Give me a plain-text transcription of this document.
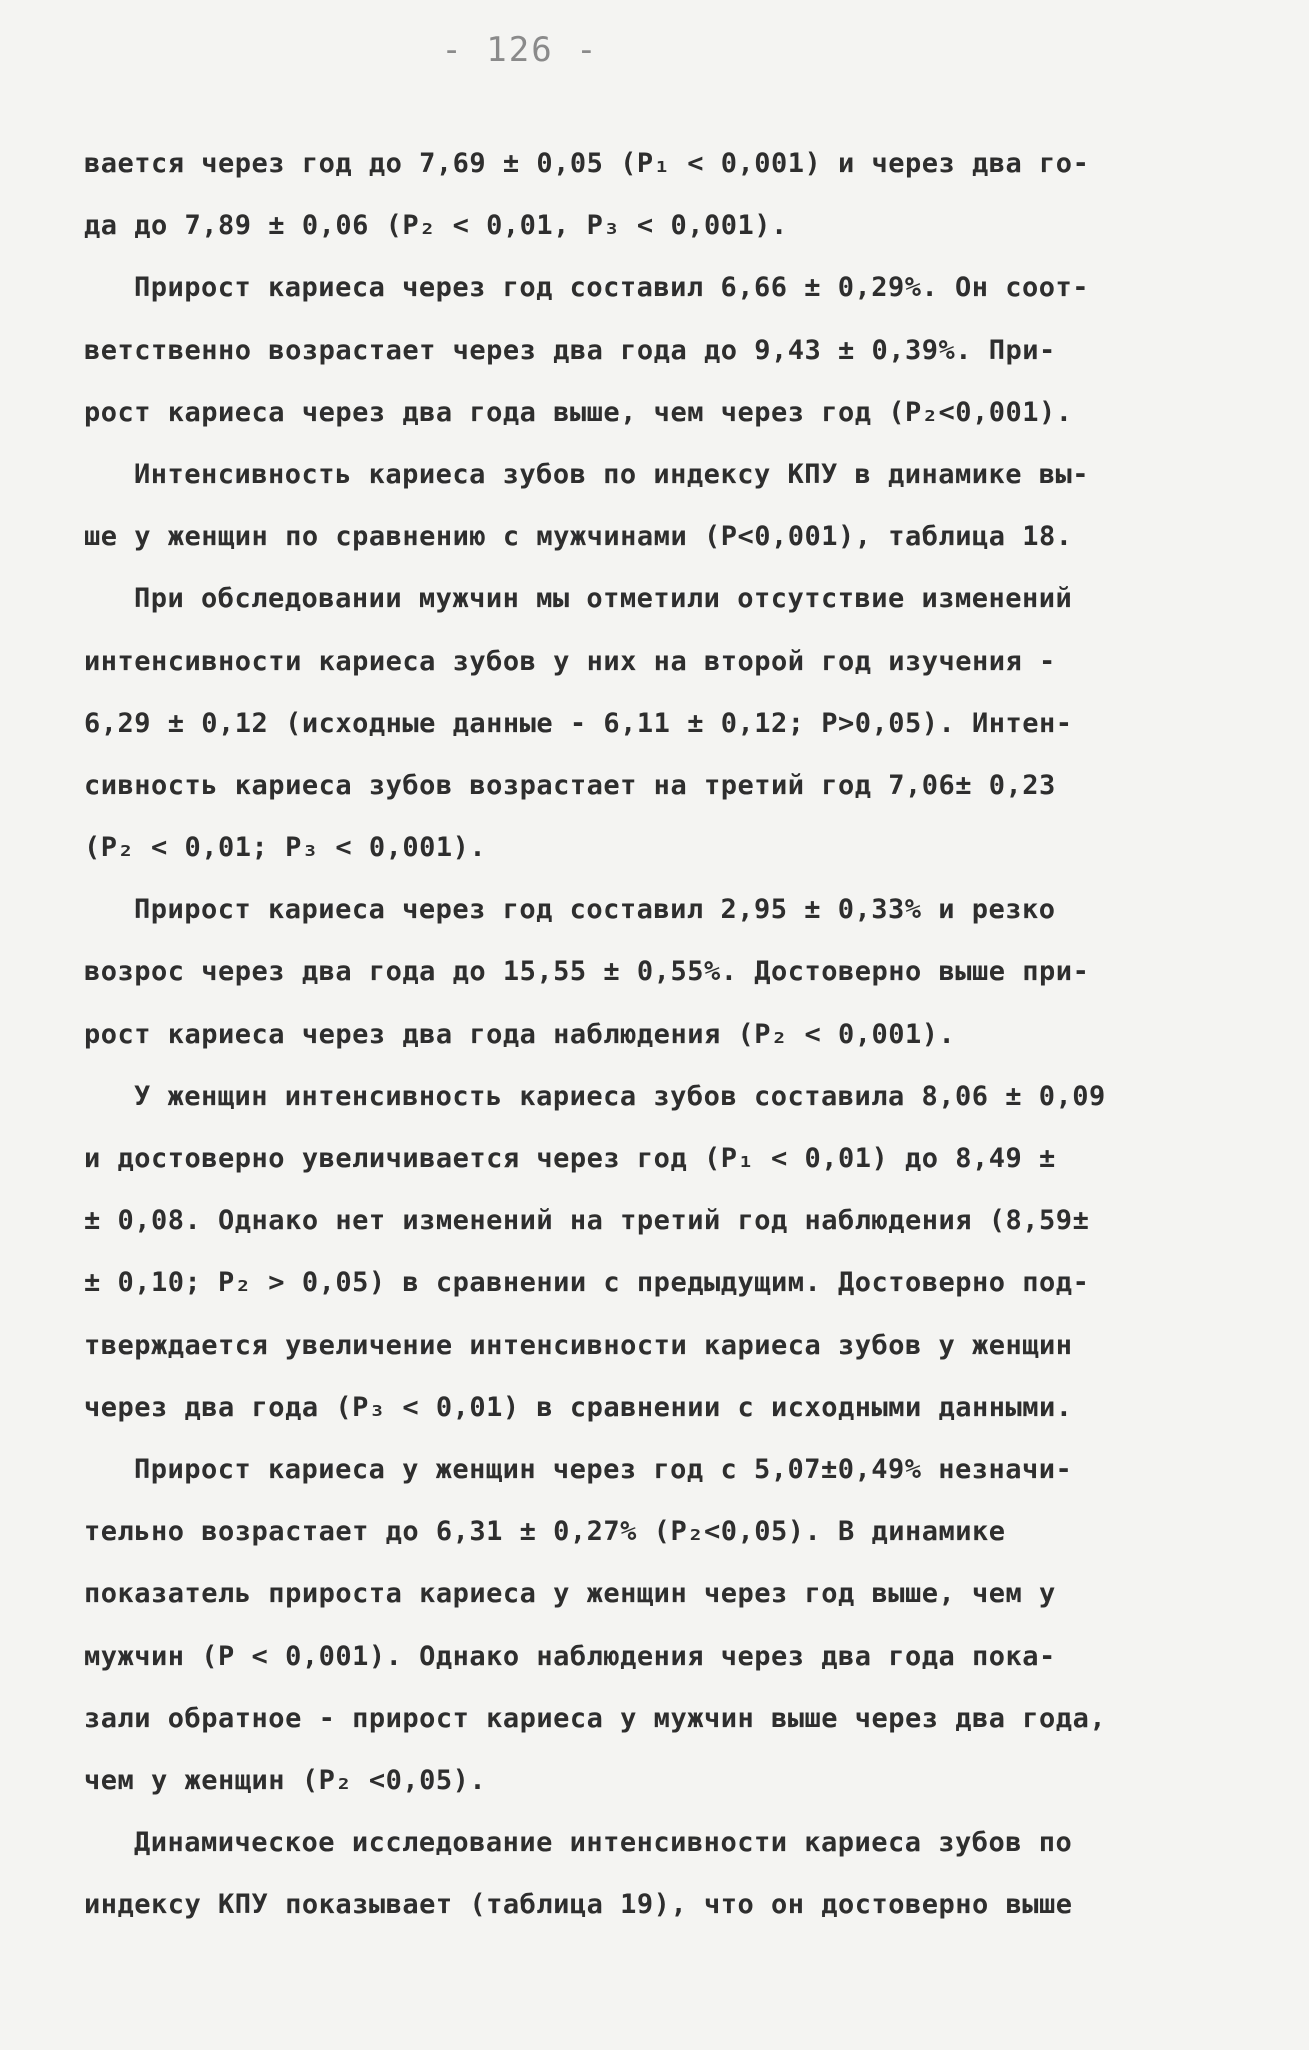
- 126 -
вается через год до 7,69 ± 0,05 (P₁ < 0,001) и через два го-
да до 7,89 ± 0,06 (P₂ < 0,01, P₃ < 0,001).
Прирост кариеса через год составил 6,66 ± 0,29%. Он соот-
ветственно возрастает через два года до 9,43 ± 0,39%. При-
рост кариеса через два года выше, чем через год (P₂<0,001).
Интенсивность кариеса зубов по индексу КПУ в динамике вы-
ше у женщин по сравнению с мужчинами (P<0,001), таблица 18.
При обследовании мужчин мы отметили отсутствие изменений
интенсивности кариеса зубов у них на второй год изучения -
6,29 ± 0,12 (исходные данные - 6,11 ± 0,12; P>0,05). Интен-
сивность кариеса зубов возрастает на третий год 7,06± 0,23
(P₂ < 0,01; P₃ < 0,001).
Прирост кариеса через год составил 2,95 ± 0,33% и резко
возрос через два года до 15,55 ± 0,55%. Достоверно выше при-
рост кариеса через два года наблюдения (P₂ < 0,001).
У женщин интенсивность кариеса зубов составила 8,06 ± 0,09
и достоверно увеличивается через год (P₁ < 0,01) до 8,49 ±
± 0,08. Однако нет изменений на третий год наблюдения (8,59±
± 0,10; P₂ > 0,05) в сравнении с предыдущим. Достоверно под-
тверждается увеличение интенсивности кариеса зубов у женщин
через два года (P₃ < 0,01) в сравнении с исходными данными.
Прирост кариеса у женщин через год с 5,07±0,49% незначи-
тельно возрастает до 6,31 ± 0,27% (P₂<0,05). В динамике
показатель прироста кариеса у женщин через год выше, чем у
мужчин (P < 0,001). Однако наблюдения через два года пока-
зали обратное - прирост кариеса у мужчин выше через два года,
чем у женщин (P₂ <0,05).
Динамическое исследование интенсивности кариеса зубов по
индексу КПУ показывает (таблица 19), что он достоверно выше
